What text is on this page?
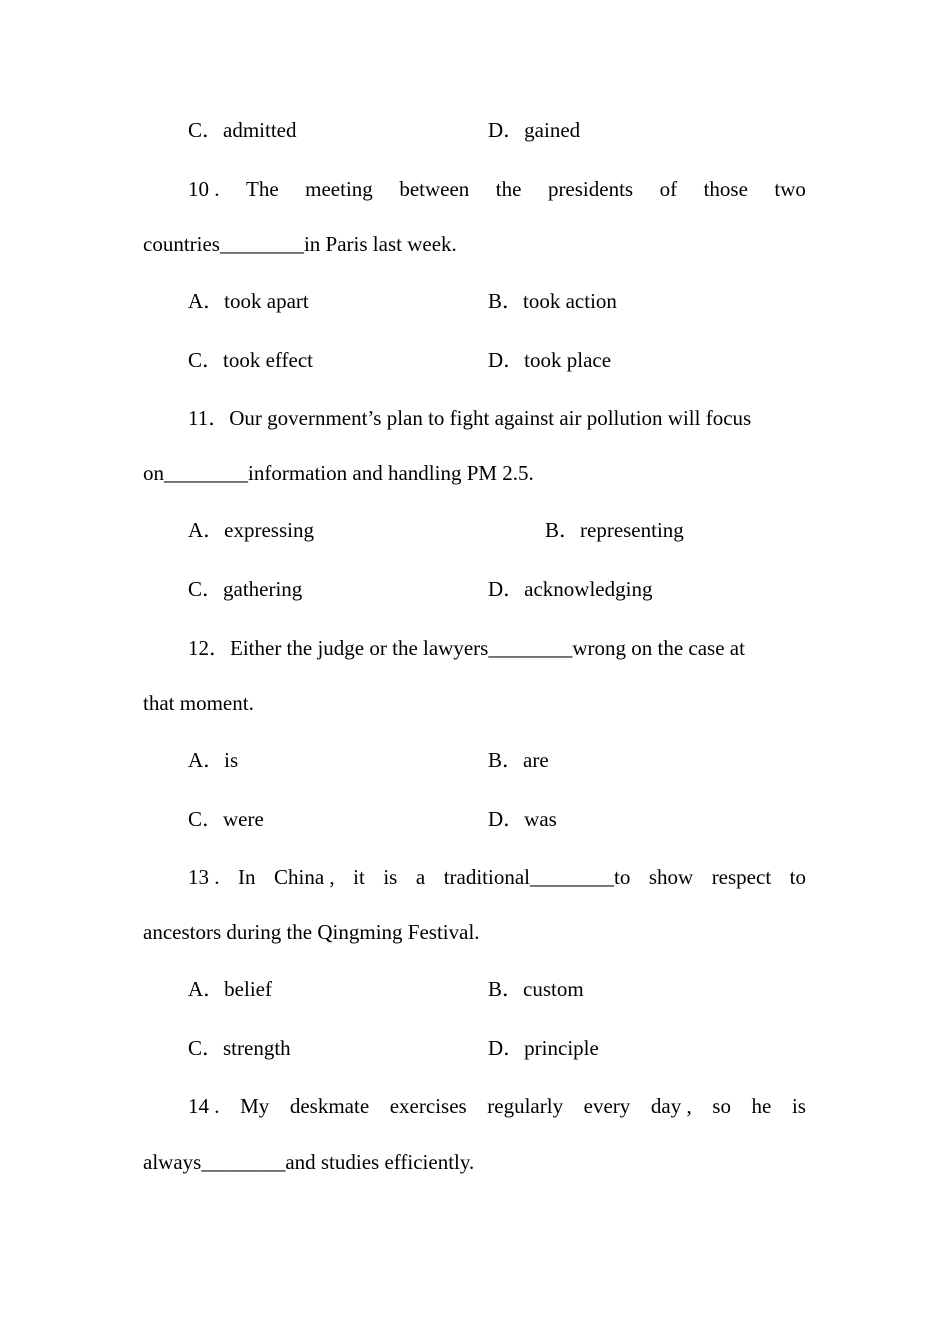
C．admitted	D．gained
10 . The meeting between the presidents of those two
countries________in Paris last week.
A．took apart	B．took action
C．took effect	D．took place
11．Our government’s plan to fight against air pollution will focus
on________information and handling PM 2.5.
A．expressing	B．representing
C．gathering	D．acknowledging
12．Either the judge or the lawyers________wrong on the case at
that moment.
A．is	B．are
C．were	D．was
13 . In China , it is a traditional________to show respect to
ancestors during the Qingming Festival.
A．belief	B．custom
C．strength	D．principle
14 . My deskmate exercises regularly every day , so he is
always________and studies efficiently.
